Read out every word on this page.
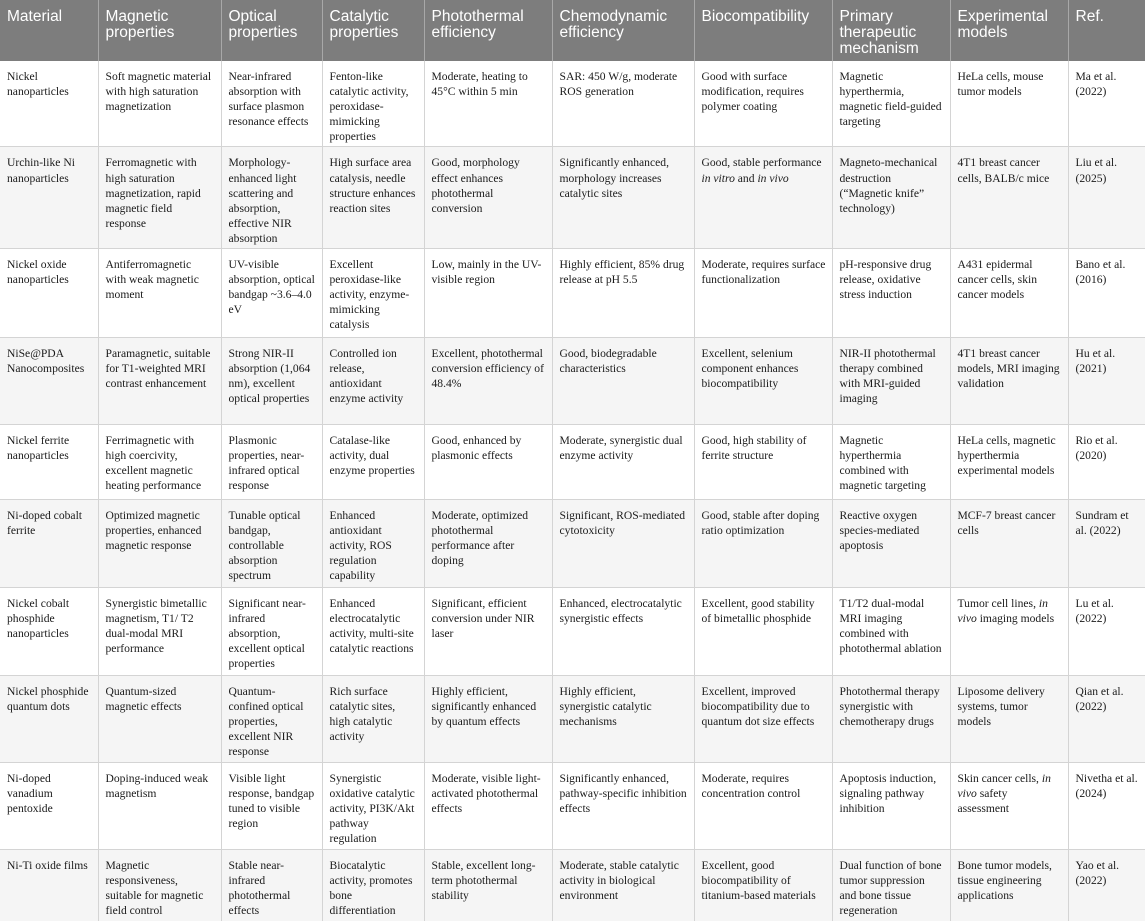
Material	Magnetic properties	Optical properties	Catalytic properties	Photothermal efficiency	Chemodynamic efficiency	Biocompatibility	Primary therapeutic mechanism	Experimental models	Ref.
Nickel nanoparticles	Soft magnetic material with high saturation magnetization	Near-infrared absorption with surface plasmon resonance effects	Fenton-like catalytic activity, peroxidase-mimicking properties	Moderate, heating to 45°C within 5 min	SAR: 450 W/g, moderate ROS generation	Good with surface modification, requires polymer coating	Magnetic hyperthermia, magnetic field-guided targeting	HeLa cells, mouse tumor models	Ma et al. (2022)
Urchin-like Ni nanoparticles	Ferromagnetic with high saturation magnetization, rapid magnetic field response	Morphology-enhanced light scattering and absorption, effective NIR absorption	High surface area catalysis, needle structure enhances reaction sites	Good, morphology effect enhances photothermal conversion	Significantly enhanced, morphology increases catalytic sites	Good, stable performance in vitro and in vivo	Magneto-mechanical destruction (“Magnetic knife” technology)	4T1 breast cancer cells, BALB/c mice	Liu et al. (2025)
Nickel oxide nanoparticles	Antiferromagnetic with weak magnetic moment	UV-visible absorption, optical bandgap ~3.6–4.0 eV	Excellent peroxidase-like activity, enzyme-mimicking catalysis	Low, mainly in the UV-visible region	Highly efficient, 85% drug release at pH 5.5	Moderate, requires surface functionalization	pH-responsive drug release, oxidative stress induction	A431 epidermal cancer cells, skin cancer models	Bano et al. (2016)
NiSe@PDA Nanocomposites	Paramagnetic, suitable for T1-weighted MRI contrast enhancement	Strong NIR-II absorption (1,064 nm), excellent optical properties	Controlled ion release, antioxidant enzyme activity	Excellent, photothermal conversion efficiency of 48.4%	Good, biodegradable characteristics	Excellent, selenium component enhances biocompatibility	NIR-II photothermal therapy combined with MRI-guided imaging	4T1 breast cancer models, MRI imaging validation	Hu et al. (2021)
Nickel ferrite nanoparticles	Ferrimagnetic with high coercivity, excellent magnetic heating performance	Plasmonic properties, near-infrared optical response	Catalase-like activity, dual enzyme properties	Good, enhanced by plasmonic effects	Moderate, synergistic dual enzyme activity	Good, high stability of ferrite structure	Magnetic hyperthermia combined with magnetic targeting	HeLa cells, magnetic hyperthermia experimental models	Rio et al. (2020)
Ni-doped cobalt ferrite	Optimized magnetic properties, enhanced magnetic response	Tunable optical bandgap, controllable absorption spectrum	Enhanced antioxidant activity, ROS regulation capability	Moderate, optimized photothermal performance after doping	Significant, ROS-mediated cytotoxicity	Good, stable after doping ratio optimization	Reactive oxygen species-mediated apoptosis	MCF-7 breast cancer cells	Sundram et al. (2022)
Nickel cobalt phosphide nanoparticles	Synergistic bimetallic magnetism, T1/ T2 dual-modal MRI performance	Significant near-infrared absorption, excellent optical properties	Enhanced electrocatalytic activity, multi-site catalytic reactions	Significant, efficient conversion under NIR laser	Enhanced, electrocatalytic synergistic effects	Excellent, good stability of bimetallic phosphide	T1/T2 dual-modal MRI imaging combined with photothermal ablation	Tumor cell lines, in vivo imaging models	Lu et al. (2022)
Nickel phosphide quantum dots	Quantum-sized magnetic effects	Quantum-confined optical properties, excellent NIR response	Rich surface catalytic sites, high catalytic activity	Highly efficient, significantly enhanced by quantum effects	Highly efficient, synergistic catalytic mechanisms	Excellent, improved biocompatibility due to quantum dot size effects	Photothermal therapy synergistic with chemotherapy drugs	Liposome delivery systems, tumor models	Qian et al. (2022)
Ni-doped vanadium pentoxide	Doping-induced weak magnetism	Visible light response, bandgap tuned to visible region	Synergistic oxidative catalytic activity, PI3K/Akt pathway regulation	Moderate, visible light-activated photothermal effects	Significantly enhanced, pathway-specific inhibition effects	Moderate, requires concentration control	Apoptosis induction, signaling pathway inhibition	Skin cancer cells, in vivo safety assessment	Nivetha et al. (2024)
Ni-Ti oxide films	Magnetic responsiveness, suitable for magnetic field control	Stable near-infrared photothermal effects	Biocatalytic activity, promotes bone differentiation	Stable, excellent long-term photothermal stability	Moderate, stable catalytic activity in biological environment	Excellent, good biocompatibility of titanium-based materials	Dual function of bone tumor suppression and bone tissue regeneration	Bone tumor models, tissue engineering applications	Yao et al. (2022)
